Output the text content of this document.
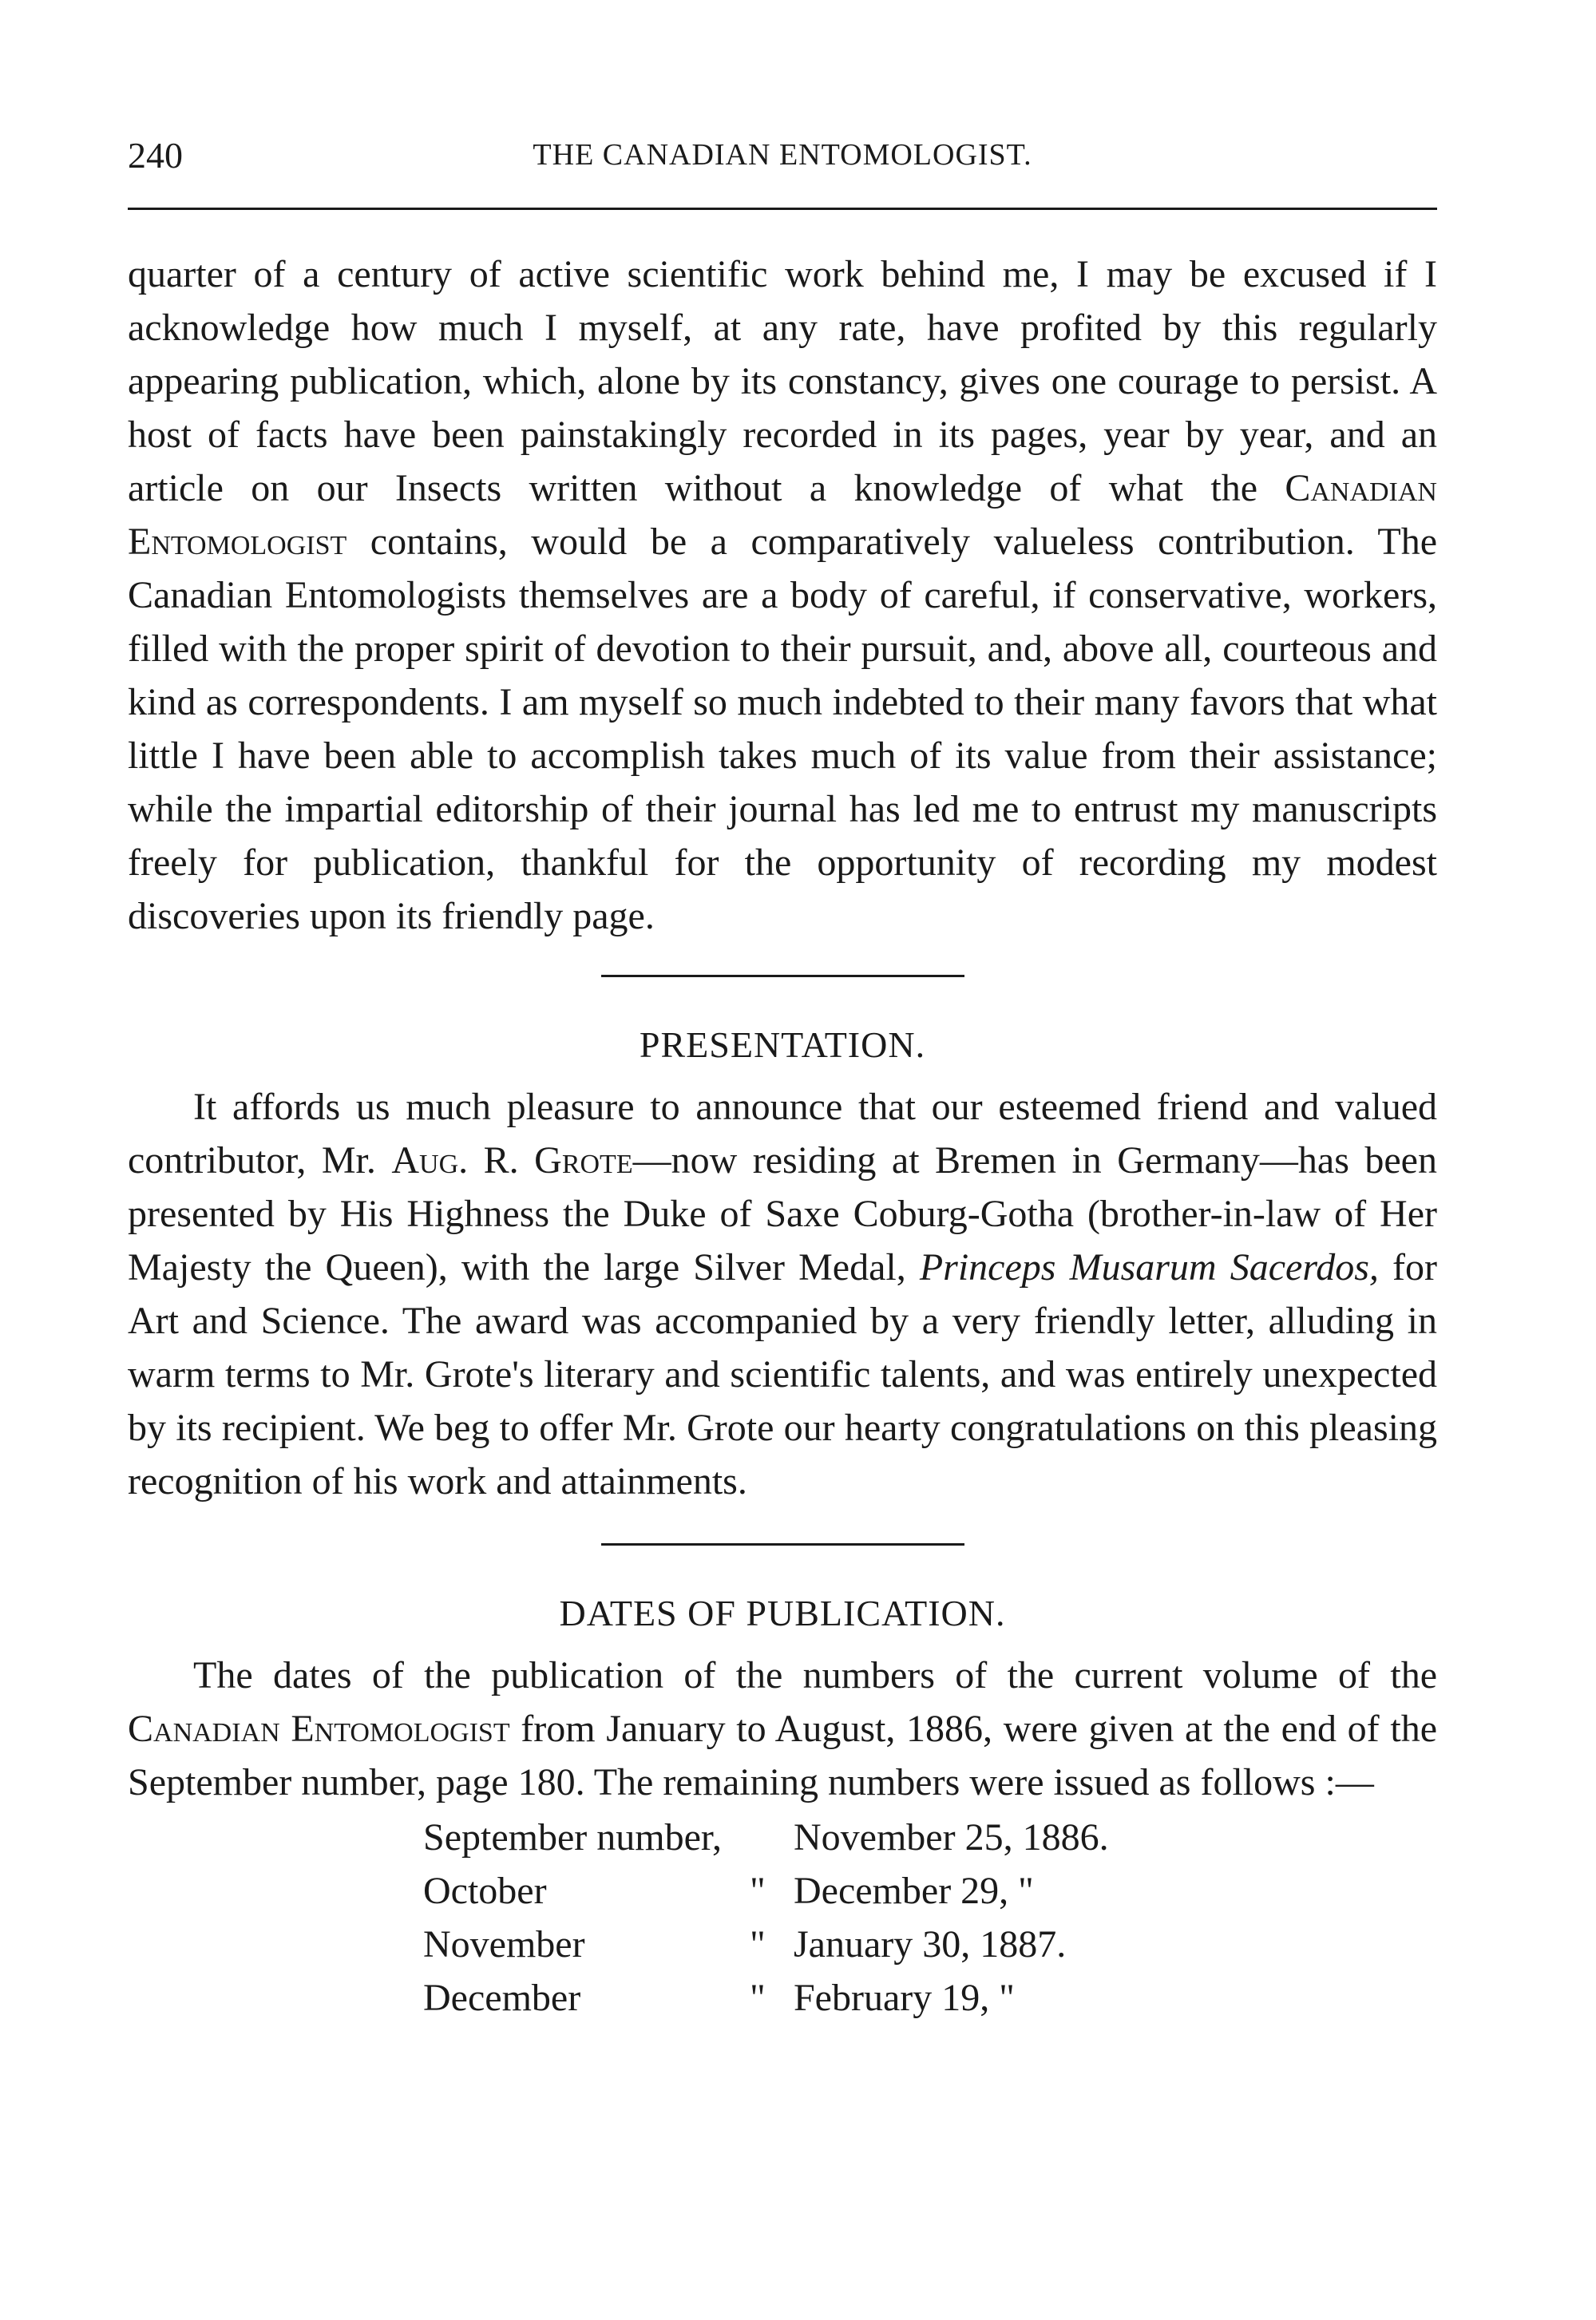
240	THE CANADIAN ENTOMOLOGIST.

quarter of a century of active scientific work behind me, I may be excused if I acknowledge how much I myself, at any rate, have profited by this regularly appearing publication, which, alone by its constancy, gives one courage to persist. A host of facts have been painstakingly recorded in its pages, year by year, and an article on our Insects written without a knowledge of what the Canadian Entomologist contains, would be a comparatively valueless contribution. The Canadian Entomologists themselves are a body of careful, if conservative, workers, filled with the proper spirit of devotion to their pursuit, and, above all, courteous and kind as correspondents. I am myself so much indebted to their many favors that what little I have been able to accomplish takes much of its value from their assistance; while the impartial editorship of their journal has led me to entrust my manuscripts freely for publication, thankful for the opportunity of recording my modest discoveries upon its friendly page.

PRESENTATION.

It affords us much pleasure to announce that our esteemed friend and valued contributor, Mr. Aug. R. Grote—now residing at Bremen in Germany—has been presented by His Highness the Duke of Saxe Coburg-Gotha (brother-in-law of Her Majesty the Queen), with the large Silver Medal, Princeps Musarum Sacerdos, for Art and Science. The award was accompanied by a very friendly letter, alluding in warm terms to Mr. Grote's literary and scientific talents, and was entirely unexpected by its recipient. We beg to offer Mr. Grote our hearty congratulations on this pleasing recognition of his work and attainments.

DATES OF PUBLICATION.

The dates of the publication of the numbers of the current volume of the Canadian Entomologist from January to August, 1886, were given at the end of the September number, page 180. The remaining numbers were issued as follows :—

September number,		November 25, 1886.
October	"	December 29, "
November	"	January 30, 1887.
December	"	February 19, "
